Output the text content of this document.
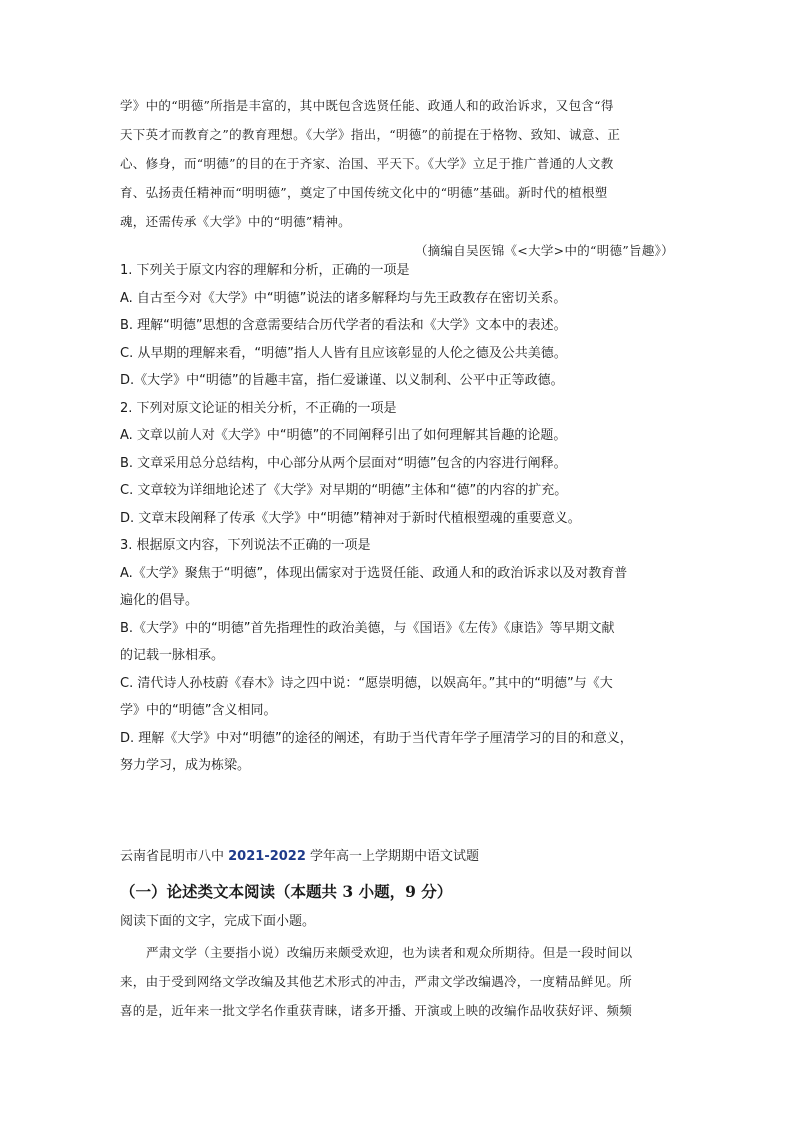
学》中的“明德”所指是丰富的，其中既包含选贤任能、政通人和的政治诉求，又包含“得
天下英才而教育之”的教育理想。《大学》指出，“明德”的前提在于格物、致知、诚意、正
心、修身，而“明德”的目的在于齐家、治国、平天下。《大学》立足于推广普通的人文教
育、弘扬责任精神而“明明德”，奠定了中国传统文化中的“明德”基础。新时代的植根塑
魂，还需传承《大学》中的“明德”精神。
（摘编自吴医锦《<大学>中的“明德”旨趣》）
1. 下列关于原文内容的理解和分析，正确的一项是
A. 自古至今对《大学》中“明德”说法的诸多解释均与先王政教存在密切关系。
B. 理解“明德”思想的含意需要结合历代学者的看法和《大学》文本中的表述。
C. 从早期的理解来看，“明德”指人人皆有且应该彰显的人伦之德及公共美德。
D.《大学》中“明德”的旨趣丰富，指仁爱谦谨、以义制利、公平中正等政德。
2. 下列对原文论证的相关分析，不正确的一项是
A. 文章以前人对《大学》中“明德”的不同阐释引出了如何理解其旨趣的论题。
B. 文章采用总分总结构，中心部分从两个层面对“明德”包含的内容进行阐释。
C. 文章较为详细地论述了《大学》对早期的“明德”主体和“德”的内容的扩充。
D. 文章末段阐释了传承《大学》中“明德”精神对于新时代植根塑魂的重要意义。
3. 根据原文内容，下列说法不正确的一项是
A.《大学》聚焦于“明德”，体现出儒家对于选贤任能、政通人和的政治诉求以及对教育普
遍化的倡导。
B.《大学》中的“明德”首先指理性的政治美德，与《国语》《左传》《康诰》等早期文献
的记载一脉相承。
C. 清代诗人孙枝蔚《春木》诗之四中说：“愿崇明德，以娱高年。”其中的“明德”与《大
学》中的“明德”含义相同。
D. 理解《大学》中对“明德”的途径的阐述，有助于当代青年学子厘清学习的目的和意义，
努力学习，成为栋梁。
云南省昆明市八中 2021-2022 学年高一上学期期中语文试题
（一）论述类文本阅读（本题共 3 小题，9 分）
阅读下面的文字，完成下面小题。
严肃文学（主要指小说）改编历来颇受欢迎，也为读者和观众所期待。但是一段时间以
来，由于受到网络文学改编及其他艺术形式的冲击，严肃文学改编遇冷，一度精品鲜见。所
喜的是，近年来一批文学名作重获青睐，诸多开播、开演或上映的改编作品收获好评、频频
